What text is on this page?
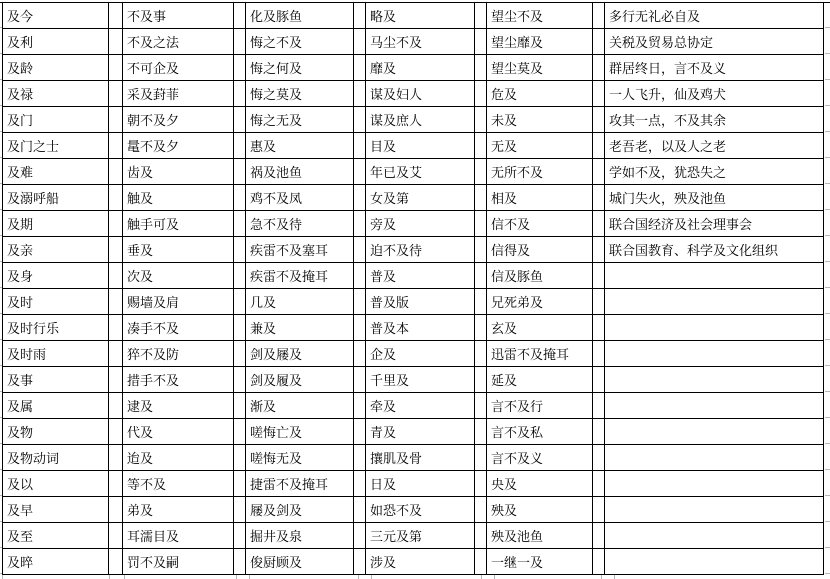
及今		不及事		化及豚鱼		略及		望尘不及		多行无礼必自及
及利		不及之法		悔之不及		马尘不及		望尘靡及		关税及贸易总协定
及龄		不可企及		悔之何及		靡及		望尘莫及		群居终日，言不及义
及禄		采及葑菲		悔之莫及		谋及妇人		危及		一人飞升，仙及鸡犬
及门		朝不及夕		悔之无及		谋及庶人		未及		攻其一点，不及其余
及门之士		鼌不及夕		惠及		目及		无及		老吾老，以及人之老
及难		齿及		祸及池鱼		年已及艾		无所不及		学如不及，犹恐失之
及溺呼船		触及		鸡不及凤		女及第		相及		城门失火，殃及池鱼
及期		触手可及		急不及待		旁及		信不及		联合国经济及社会理事会
及亲		垂及		疾雷不及塞耳		迫不及待		信得及		联合国教育、科学及文化组织
及身		次及		疾雷不及掩耳		普及		信及豚鱼		
及时		赐墙及肩		几及		普及版		兄死弟及		
及时行乐		凑手不及		兼及		普及本		玄及		
及时雨		猝不及防		剑及屦及		企及		迅雷不及掩耳		
及事		措手不及		剑及履及		千里及		延及		
及属		逮及		渐及		牵及		言不及行		
及物		代及		嗟悔亡及		青及		言不及私		
及物动词		迨及		嗟悔无及		攘肌及骨		言不及义		
及以		等不及		捷雷不及掩耳		日及		央及		
及早		弟及		屦及剑及		如恐不及		殃及		
及至		耳濡目及		掘井及泉		三元及第		殃及池鱼		
及晬		罚不及嗣		俊厨顾及		涉及		一继一及		
